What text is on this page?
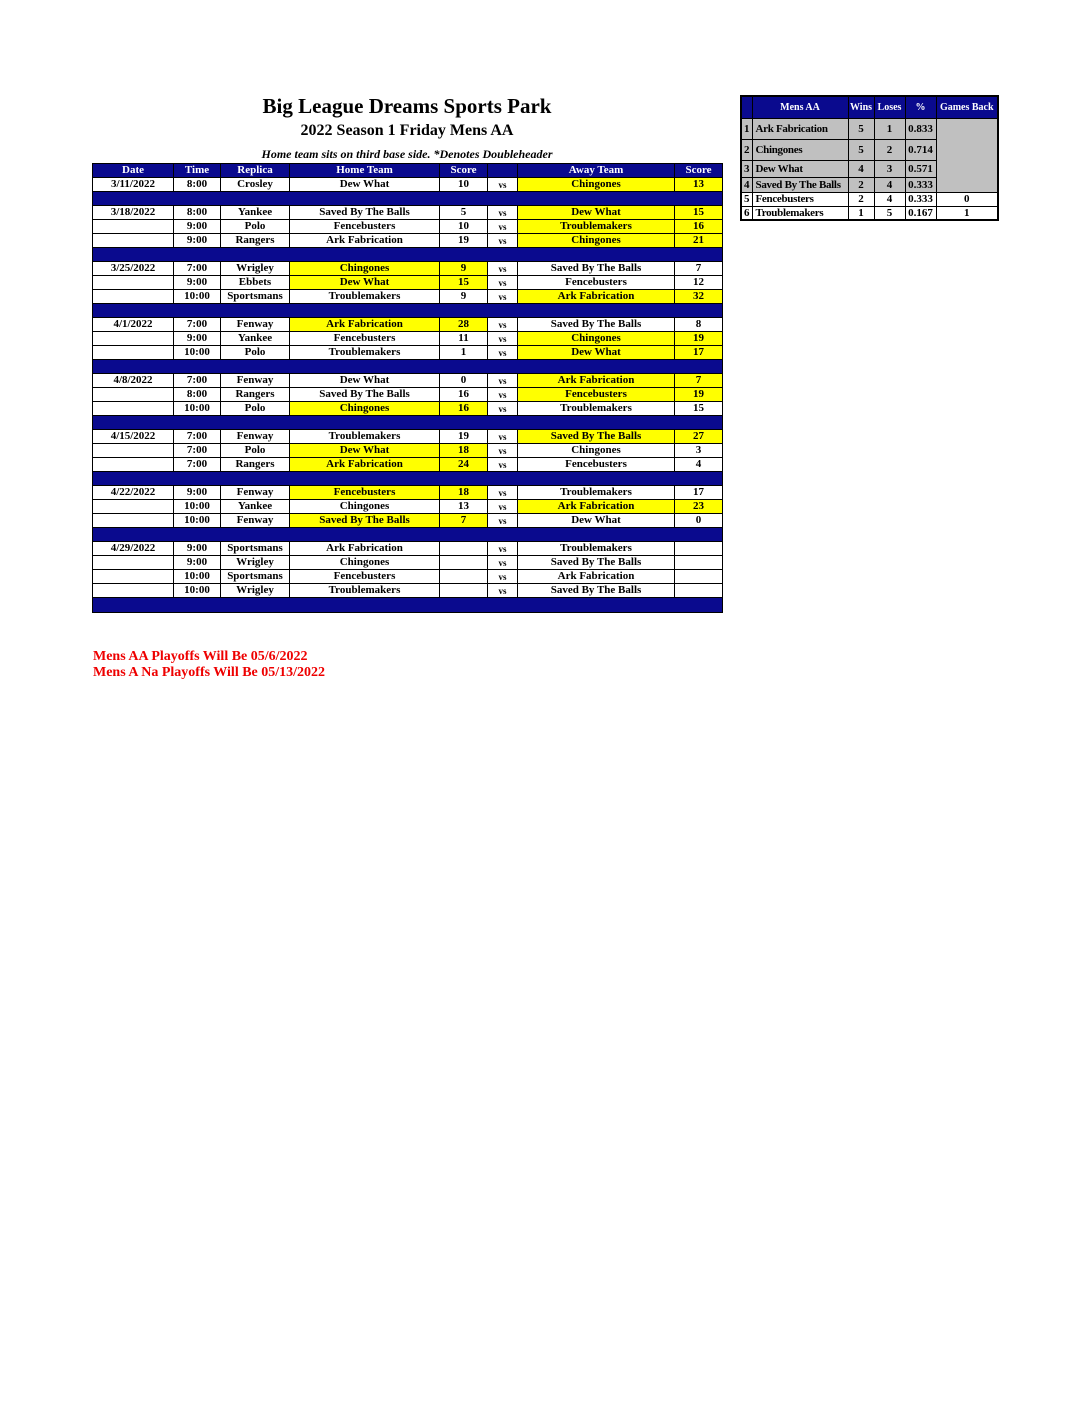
Big League Dreams Sports Park
2022 Season 1 Friday Mens AA
Home team sits on third base side. *Denotes Doubleheader
Date	Time	Replica	Home Team	Score		Away Team	Score
3/11/2022	8:00	Crosley	Dew What	10	vs	Chingones	13

3/18/2022	8:00	Yankee	Saved By The Balls	5	vs	Dew What	15
	9:00	Polo	Fencebusters	10	vs	Troublemakers	16
	9:00	Rangers	Ark Fabrication	19	vs	Chingones	21

3/25/2022	7:00	Wrigley	Chingones	9	vs	Saved By The Balls	7
	9:00	Ebbets	Dew What	15	vs	Fencebusters	12
	10:00	Sportsmans	Troublemakers	9	vs	Ark Fabrication	32

4/1/2022	7:00	Fenway	Ark Fabrication	28	vs	Saved By The Balls	8
	9:00	Yankee	Fencebusters	11	vs	Chingones	19
	10:00	Polo	Troublemakers	1	vs	Dew What	17

4/8/2022	7:00	Fenway	Dew What	0	vs	Ark Fabrication	7
	8:00	Rangers	Saved By The Balls	16	vs	Fencebusters	19
	10:00	Polo	Chingones	16	vs	Troublemakers	15

4/15/2022	7:00	Fenway	Troublemakers	19	vs	Saved By The Balls	27
	7:00	Polo	Dew What	18	vs	Chingones	3
	7:00	Rangers	Ark Fabrication	24	vs	Fencebusters	4

4/22/2022	9:00	Fenway	Fencebusters	18	vs	Troublemakers	17
	10:00	Yankee	Chingones	13	vs	Ark Fabrication	23
	10:00	Fenway	Saved By The Balls	7	vs	Dew What	0

4/29/2022	9:00	Sportsmans	Ark Fabrication		vs	Troublemakers	
	9:00	Wrigley	Chingones		vs	Saved By The Balls	
	10:00	Sportsmans	Fencebusters		vs	Ark Fabrication	
	10:00	Wrigley	Troublemakers		vs	Saved By The Balls	

	Mens AA	Wins	Loses	%	Games Back
1	Ark Fabrication	5	1	0.833	
2	Chingones	5	2	0.714	
3	Dew What	4	3	0.571	
4	Saved By The Balls	2	4	0.333	
5	Fencebusters	2	4	0.333	0
6	Troublemakers	1	5	0.167	1
Mens AA Playoffs Will Be 05/6/2022
Mens A Na Playoffs Will Be 05/13/2022
